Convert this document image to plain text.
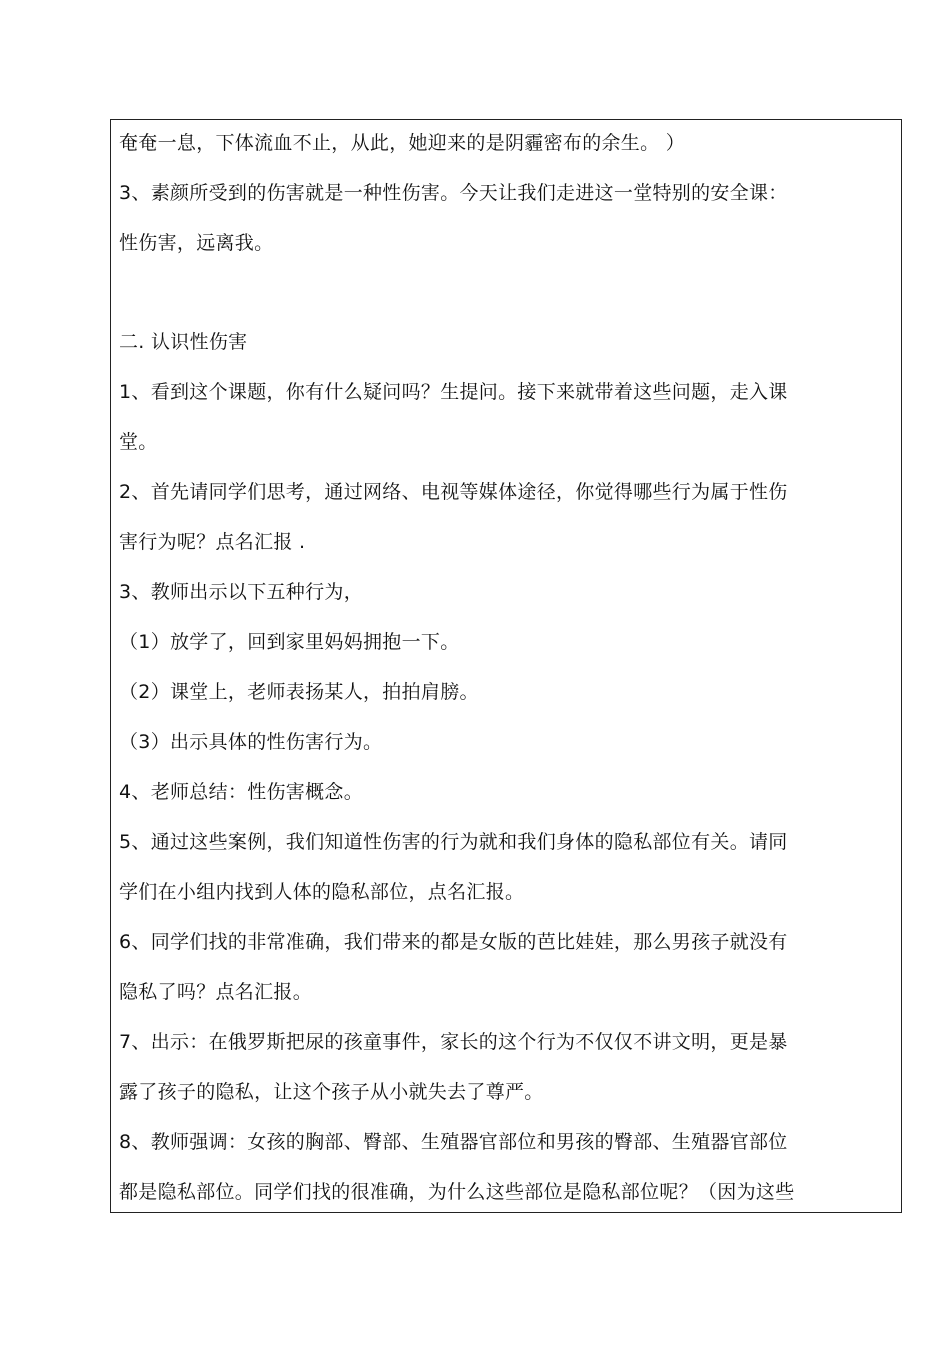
奄奄一息，下体流血不止，从此，她迎来的是阴霾密布的余生。 ）
3、素颜所受到的伤害就是一种性伤害。今天让我们走进这一堂特别的安全课：
性伤害，远离我。
二. 认识性伤害
1、看到这个课题，你有什么疑问吗？生提问。接下来就带着这些问题，走入课
堂。
2、首先请同学们思考，通过网络、电视等媒体途径，你觉得哪些行为属于性伤
害行为呢？点名汇报 .
3、教师出示以下五种行为，
（1）放学了，回到家里妈妈拥抱一下。
（2）课堂上，老师表扬某人，拍拍肩膀。
（3）出示具体的性伤害行为。
4、老师总结：性伤害概念。
5、通过这些案例，我们知道性伤害的行为就和我们身体的隐私部位有关。请同
学们在小组内找到人体的隐私部位，点名汇报。
6、同学们找的非常准确，我们带来的都是女版的芭比娃娃，那么男孩子就没有
隐私了吗？点名汇报。
7、出示：在俄罗斯把尿的孩童事件，家长的这个行为不仅仅不讲文明，更是暴
露了孩子的隐私，让这个孩子从小就失去了尊严。
8、教师强调：女孩的胸部、臀部、生殖器官部位和男孩的臀部、生殖器官部位
都是隐私部位。同学们找的很准确，为什么这些部位是隐私部位呢？（因为这些
